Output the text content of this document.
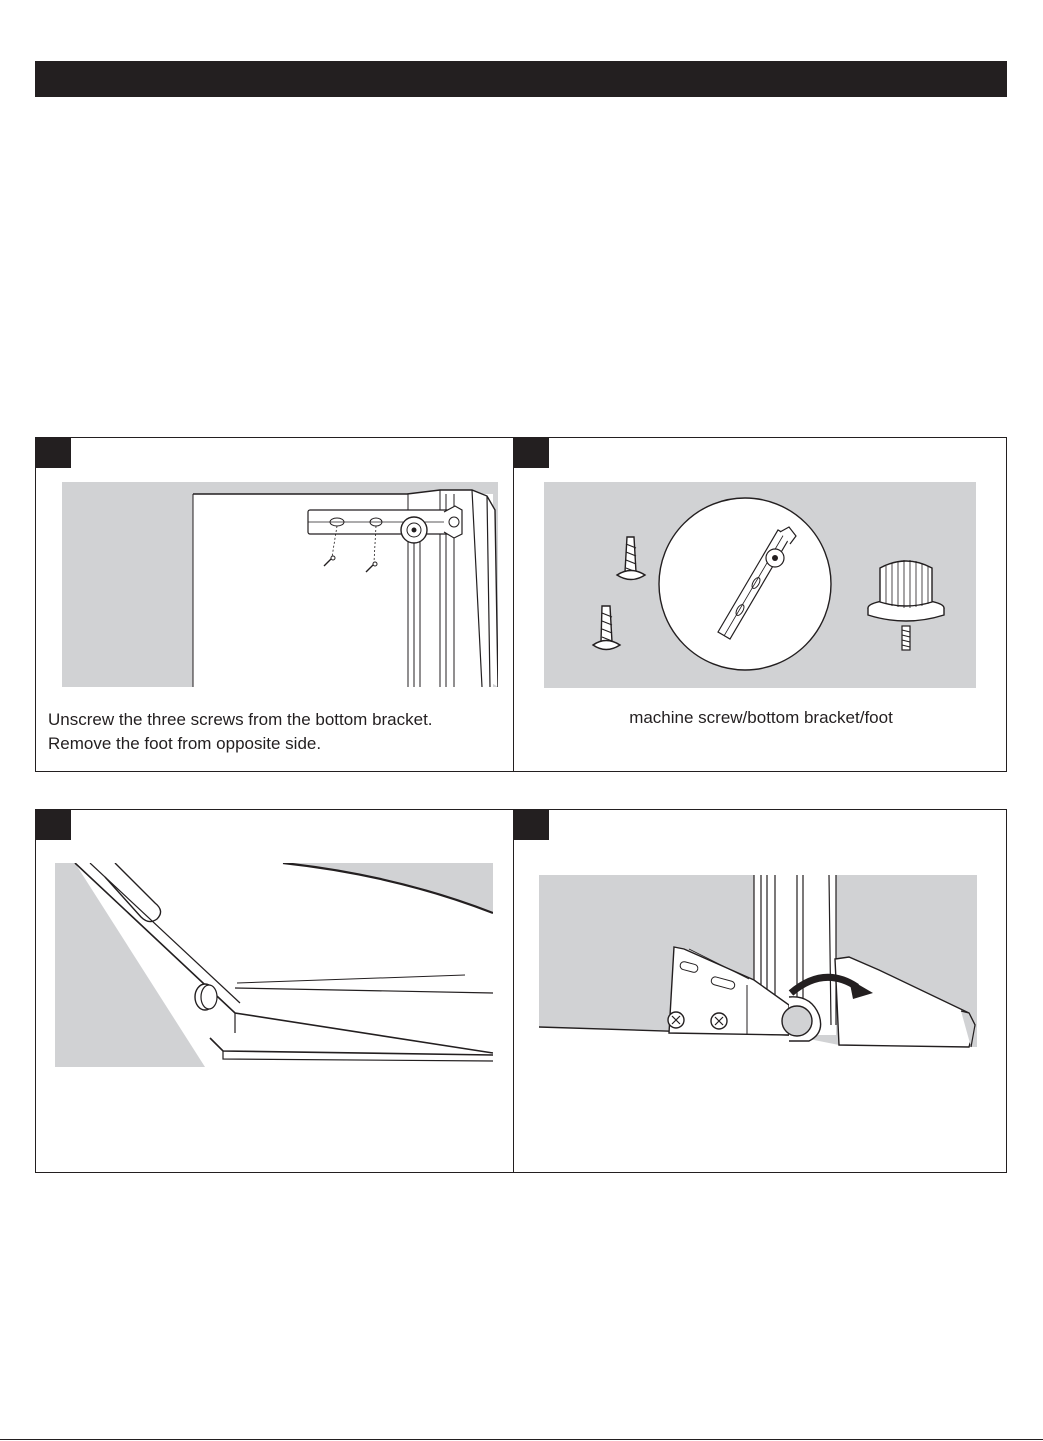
Unscrew the three screws from the bottom bracket.
Remove the foot from opposite side.
machine screw/bottom bracket/foot
